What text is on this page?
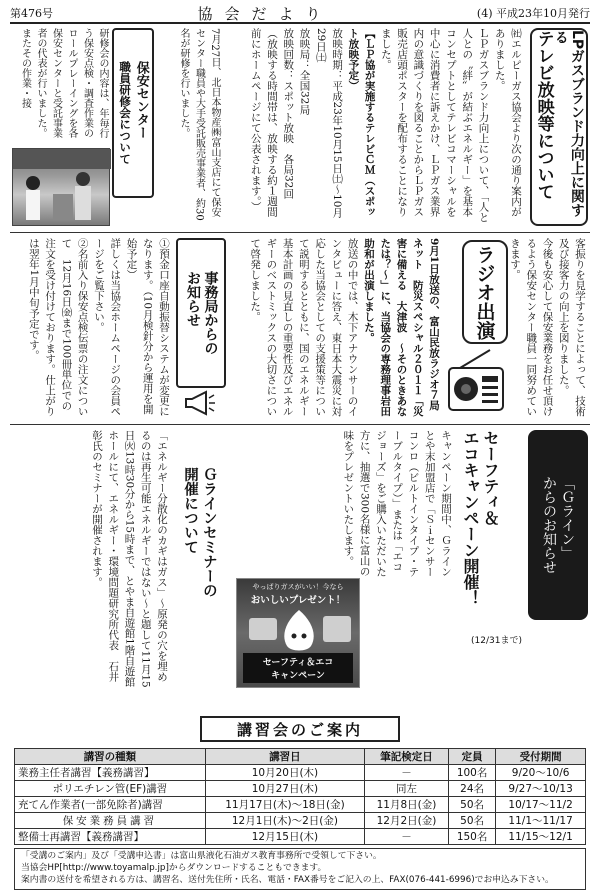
第476号	協会だより	(4) 平成23年10月発行
LPガスブランド力向上に関する
テレビ放映等について

㈳エルピーガス協会より次の通り案内がありました。

ＬＰガスブランド力向上について、「人と人との〝絆〟が結ぶエネルギー」を基本コンセプトとしてテレビコマーシャルを中心に消費者に訴えかけ、ＬＰガス業界内の意識づくりを図ることからＬＰガス販売店頭ポスターを配布することになりました。

【ＬＰ協が実施するテレビＣＭ（スポット放映予定）

放映時期：平成23年10月15日㈯～10月29日㈯

放映局：全国32局

放映回数：スポット放映　各局32回

（放映する時間帯は、放映する約１週間前にホームページにて公表されます。）

保安センター
職員研修会について	7月27日、北日本物産㈱富山支店にて保安センター職員や大手受託販売事業者、約30名が研修を行いました。

研修会の内容は、年毎行う保安点検・調査作業のロールプレーイングを各保安センターと受託事業者の代表が行いました。

またその作業・接

客振りを見学することによって、技術及び接客力の向上を図りました。

今後も安心して保安業務をお任せ頂けるよう保安センター職員一同努めていきます。

ラジオ出演

9月1日放送の、富山民放ラジオ７局ネット　防災スペシャル２０１１「災害に備える　大津波　～そのときあなたは？～」に、当協会の専務理事岩田助和が出演しました。

放送の中では、木下アナウンサーのインタビューに答え、東日本大震災に対応した当協会としての支援策等について説明するとともに、国のエネルギー基本計画の見直しの重要性及びエネルギーのベストミックスの大切さについて啓発しました。

事務局からの
お知らせ

①預金口座自動振替システムが変更になります。（10月検針分から運用を開始予定）

詳しくは当協会ホームページの会員ページをご覧下さい。

②名前入り保安点検伝票の注文について　12月16日㈮まで100冊単位での注文を受け付けております。仕上がりは翌年1月中旬予定です。

「Ｇライン」
からのお知らせ
セーフティ＆
エコキャンペーン開催！
(12/31まで)

キャンペーン期間中、Ｇラインとや末加盟店で「Ｓｉセンサーコンロ（ビルトインタイプ・テーブルタイプ）」または「エコジョーズ」をご購入いただいた方に、抽選で300名様に富山の味をプレゼントいたします。

やっぱりガスがいい！今なら
おいしいプレゼント！
セーフティ＆エコ
キャンペーン
Ｇラインセミナーの
開催について

「エネルギー分散化のカギはガス」～原発の穴を埋めるのは再生可能エネルギーではない～と題して11月15日㈫13時30分から15時まで、とやま自遊館1階自遊館ホールにて、エネルギー・環境問題研究所代表　石井彰氏のセミナーが開催されます。

講習会のご案内
講習の種類	講習日	筆記検定日	定員	受付期間
業務主任者講習【義務講習】	10月20日(木)	－	100名	9/20～10/6
ポリエチレン管(EF)講習	10月27日(木)	同左	24名	9/27～10/13
充てん作業者(一部免除者)講習	11月17日(木)～18日(金)	11月8日(金)	50名	10/17～11/2
保安業務員講習	12月1日(木)～2日(金)	12月2日(金)	50名	11/1～11/17
整備士再講習【義務講習】	12月15日(木)	－	150名	11/15～12/1
「受講のご案内」及び「受講申込書」は富山県液化石油ガス教育事務所で受領して下さい。
当協会HP[http://www.toyamalp.jp]からダウンロードすることもできます。
案内書の送付を希望される方は、講習名、送付先住所・氏名、電話・FAX番号をご記入の上、FAX(076-441-6996)でお申込み下さい。
